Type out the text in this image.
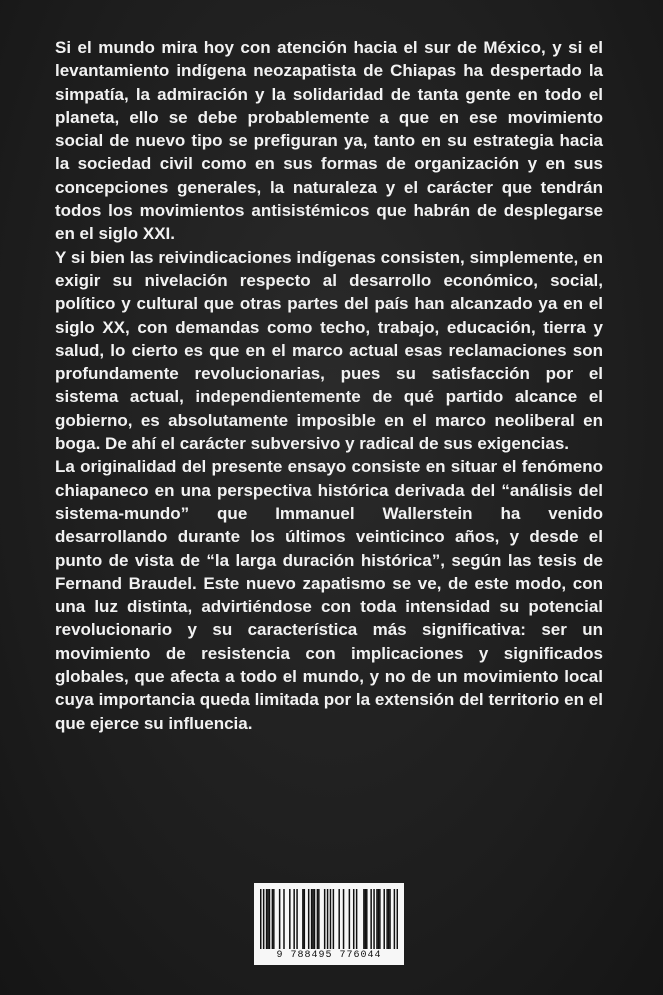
Si el mundo mira hoy con atención hacia el sur de México, y si el levantamiento indígena neozapatista de Chiapas ha despertado la simpatía, la admiración y la solidaridad de tanta gente en todo el planeta, ello se debe probablemente a que en ese movimiento social de nuevo tipo se prefiguran ya, tanto en su estrategia hacia la sociedad civil como en sus formas de organización y en sus concepciones generales, la naturaleza y el carácter que tendrán todos los movimientos antisistémicos que habrán de desplegarse en el siglo XXI.

Y si bien las reivindicaciones indígenas consisten, simplemente, en exigir su nivelación respecto al desarrollo económico, social, político y cultural que otras partes del país han alcanzado ya en el siglo XX, con demandas como techo, trabajo, educación, tierra y salud, lo cierto es que en el marco actual esas reclamaciones son profundamente revolucionarias, pues su satisfacción por el sistema actual, independientemente de qué partido alcance el gobierno, es absolutamente imposible en el marco neoliberal en boga. De ahí el carácter subversivo y radical de sus exigencias.

La originalidad del presente ensayo consiste en situar el fenómeno chiapaneco en una perspectiva histórica derivada del “análisis del sistema-mundo” que Immanuel Wallerstein ha venido desarrollando durante los últimos veinticinco años, y desde el punto de vista de “la larga duración histórica”, según las tesis de Fernand Braudel. Este nuevo zapatismo se ve, de este modo, con una luz distinta, advirtiéndose con toda intensidad su potencial revolucionario y su característica más significativa: ser un movimiento de resistencia con implicaciones y significados globales, que afecta a todo el mundo, y no de un movimiento local cuya importancia queda limitada por la extensión del territorio en el que ejerce su influencia.

9 788495 776044
